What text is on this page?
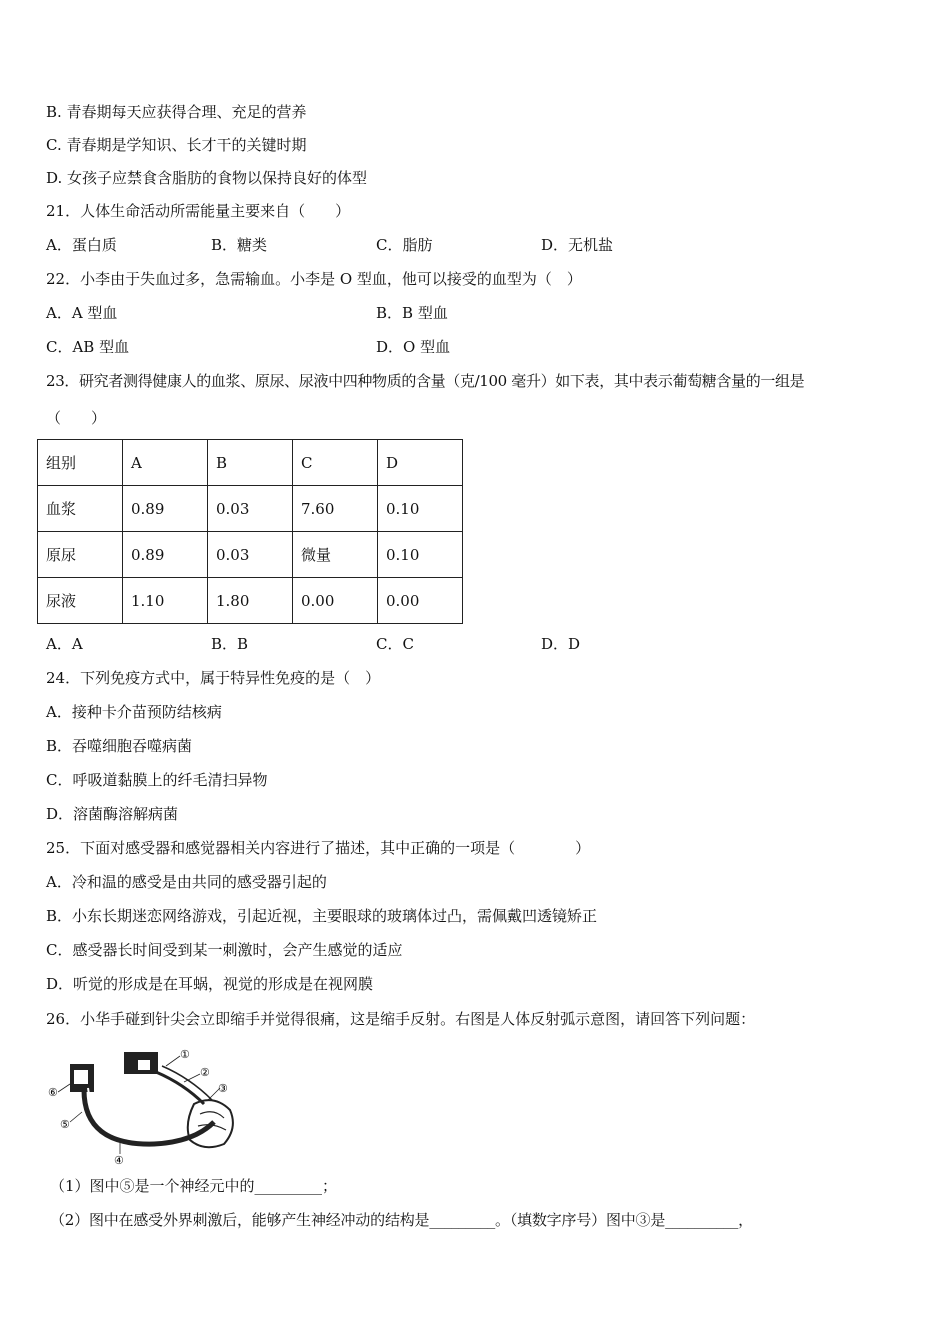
B. 青春期每天应获得合理、充足的营养
C. 青春期是学知识、长才干的关键时期
D. 女孩子应禁食含脂肪的食物以保持良好的体型
21．人体生命活动所需能量主要来自（　　）
A．蛋白质	B．糖类	C．脂肪	D．无机盐
22．小李由于失血过多，急需输血。小李是 O 型血，他可以接受的血型为（　）
A．A 型血	B．B 型血
C．AB 型血	D．O 型血
23．研究者测得健康人的血浆、原尿、尿液中四种物质的含量（克/100 毫升）如下表，其中表示葡萄糖含量的一组是
（　　）
组别	A	B	C	D
血浆	0.89	0.03	7.60	0.10
原尿	0.89	0.03	微量	0.10
尿液	1.10	1.80	0.00	0.00
A．A	B．B	C．C	D．D
24．下列免疫方式中，属于特异性免疫的是（　）
A．接种卡介苗预防结核病
B．吞噬细胞吞噬病菌
C．呼吸道黏膜上的纤毛清扫异物
D．溶菌酶溶解病菌
25．下面对感受器和感觉器相关内容进行了描述，其中正确的一项是（　　　　）
A．冷和温的感受是由共同的感受器引起的
B．小东长期迷恋网络游戏，引起近视，主要眼球的玻璃体过凸，需佩戴凹透镜矫正
C．感受器长时间受到某一刺激时，会产生感觉的适应
D．听觉的形成是在耳蜗，视觉的形成是在视网膜
26．小华手碰到针尖会立即缩手并觉得很痛，这是缩手反射。右图是人体反射弧示意图，请回答下列问题：
①
②
③
④
⑤
⑥
（1）图中⑤是一个神经元中的_________；
（2）图中在感受外界刺激后，能够产生神经冲动的结构是_________。（填数字序号）图中③是__________，
